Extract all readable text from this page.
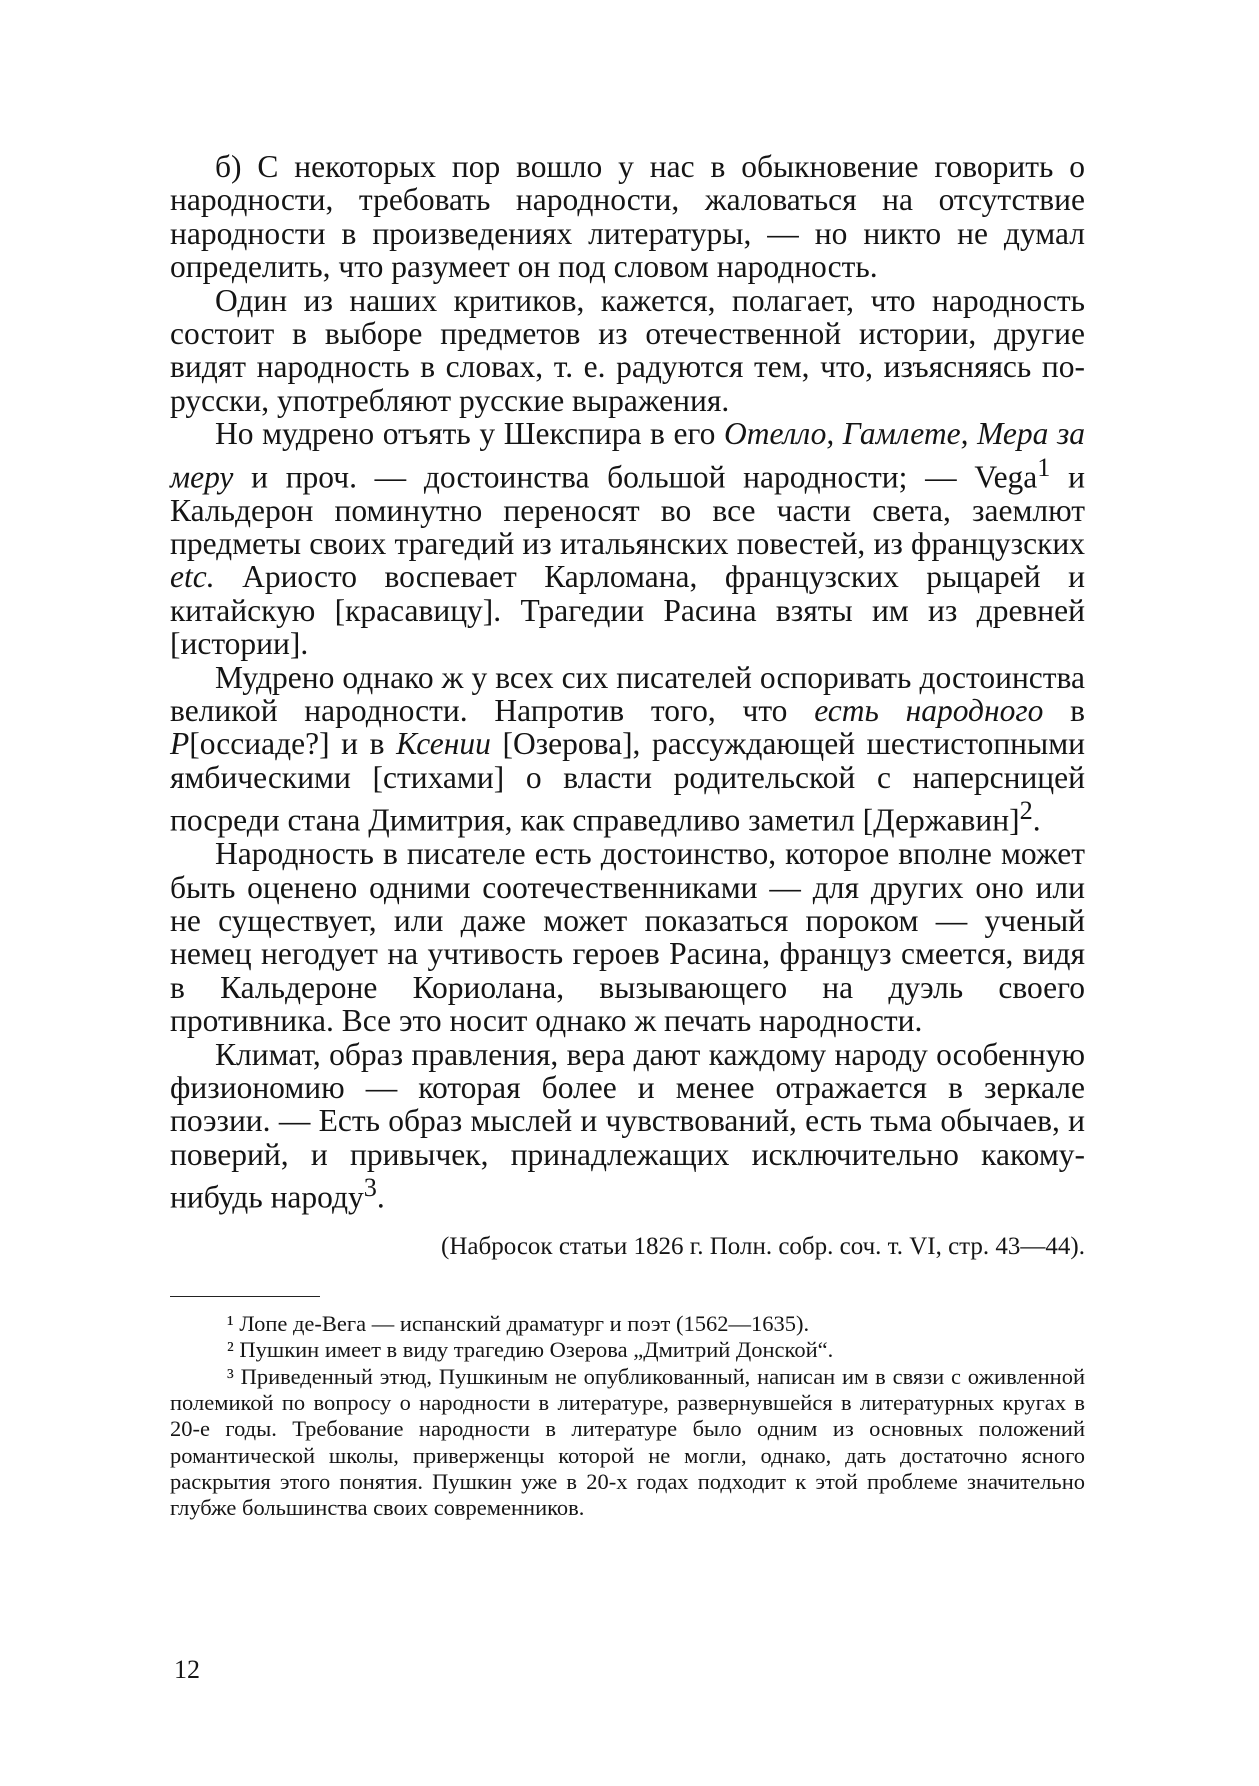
б) С некоторых пор вошло у нас в обыкновение говорить о народности, требовать народности, жаловаться на отсутствие народности в произведениях литературы, — но никто не думал определить, что разумеет он под словом народность.

Один из наших критиков, кажется, полагает, что народность состоит в выборе предметов из отечественной истории, другие видят народность в словах, т. е. радуются тем, что, изъясняясь по-русски, употребляют русские выражения.

Но мудрено отъять у Шекспира в его Отелло, Гамлете, Мера за меру и проч. — достоинства большой народности; — Vega$^1$ и Кальдерон поминутно переносят во все части света, заемлют предметы своих трагедий из итальянских повестей, из французских etc. Ариосто воспевает Карломана, французских рыцарей и китайскую [красавицу]. Трагедии Расина взяты им из древней [истории].

Мудрено однако ж у всех сих писателей оспоривать достоинства великой народности. Напротив того, что есть народного в Р[оссиаде?] и в Ксении [Озерова], рассуждающей шестистопными ямбическими [стихами] о власти родительской с наперсницей посреди стана Димитрия, как справедливо заметил [Державин]$^2$.

Народность в писателе есть достоинство, которое вполне может быть оценено одними соотечественниками — для других оно или не существует, или даже может показаться пороком — ученый немец негодует на учтивость героев Расина, француз смеется, видя в Кальдероне Кориолана, вызывающего на дуэль своего противника. Все это носит однако ж печать народности.

Климат, образ правления, вера дают каждому народу особенную физиономию — которая более и менее отражается в зеркале поэзии. — Есть образ мыслей и чувствований, есть тьма обычаев, и поверий, и привычек, принадлежащих исключительно какому-нибудь народу$^3$.

(Набросок статьи 1826 г. Полн. собр. соч. т. VI, стр. 43—44).

¹ Лопе де-Вега — испанский драматург и поэт (1562—1635).

² Пушкин имеет в виду трагедию Озерова „Дмитрий Донской“.

³ Приведенный этюд, Пушкиным не опубликованный, написан им в связи с оживленной полемикой по вопросу о народности в литературе, развернувшейся в литературных кругах в 20-е годы. Требование народности в литературе было одним из основных положений романтической школы, приверженцы которой не могли, однако, дать достаточно ясного раскрытия этого понятия. Пушкин уже в 20-х годах подходит к этой проблеме значительно глубже большинства своих современников.

12
